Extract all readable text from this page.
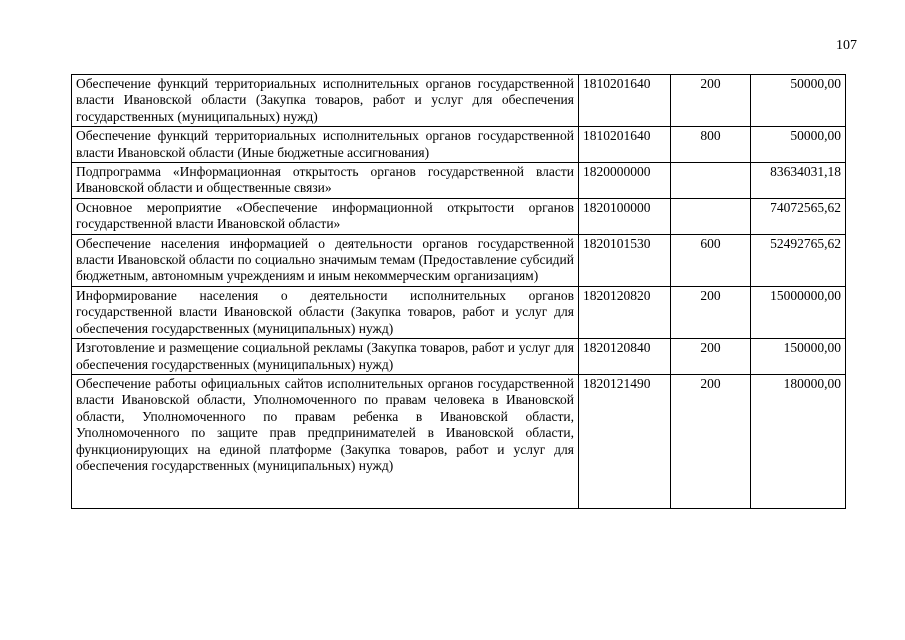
107
Обеспечение функций территориальных исполнительных органов государственной власти Ивановской области (Закупка товаров, работ и услуг для обеспечения государственных (муниципальных) нужд)	1810201640	200	50000,00
Обеспечение функций территориальных исполнительных органов государственной власти Ивановской области (Иные бюджетные ассигнования)	1810201640	800	50000,00
Подпрограмма «Информационная открытость органов государственной власти Ивановской области и общественные связи»	1820000000		83634031,18
Основное мероприятие «Обеспечение информационной открытости органов государственной власти Ивановской области»	1820100000		74072565,62
Обеспечение населения информацией о деятельности органов государственной власти Ивановской области по социально значимым темам (Предоставление субсидий бюджетным, автономным учреждениям и иным некоммерческим организациям)	1820101530	600	52492765,62
Информирование населения о деятельности исполнительных органов государственной власти Ивановской области (Закупка товаров, работ и услуг для обеспечения государственных (муниципальных) нужд)	1820120820	200	15000000,00
Изготовление и размещение социальной рекламы (Закупка товаров, работ и услуг для обеспечения государственных (муниципальных) нужд)	1820120840	200	150000,00
Обеспечение работы официальных сайтов исполнительных органов государственной власти Ивановской области, Уполномоченного по правам человека в Ивановской области, Уполномоченного по правам ребенка в Ивановской области, Уполномоченного по защите прав предпринимателей в Ивановской области, функционирующих на единой платформе (Закупка товаров, работ и услуг для обеспечения государственных (муниципальных) нужд)	1820121490	200	180000,00
